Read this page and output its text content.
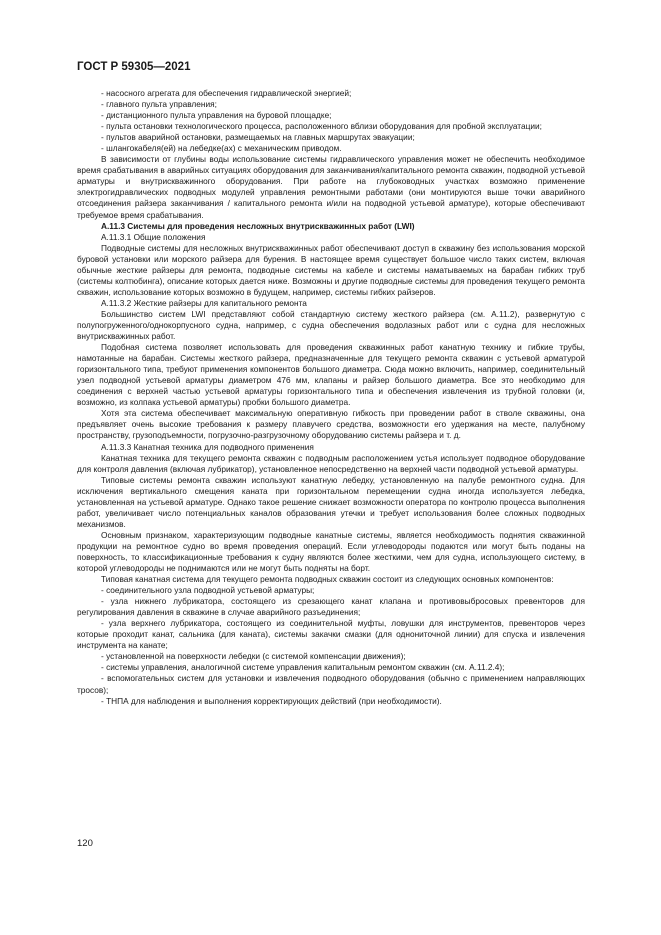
ГОСТ Р 59305—2021

- насосного агрегата для обеспечения гидравлической энергией;

- главного пульта управления;

- дистанционного пульта управления на буровой площадке;

- пульта остановки технологического процесса, расположенного вблизи оборудования для пробной эксплуатации;

- пультов аварийной остановки, размещаемых на главных маршрутах эвакуации;

- шлангокабеля(ей) на лебедке(ах) с механическим приводом.

В зависимости от глубины воды использование системы гидравлического управления может не обеспечить необходимое время срабатывания в аварийных ситуациях оборудования для заканчивания/капитального ремонта скважин, подводной устьевой арматуры и внутрискважинного оборудования. При работе на глубоководных участках возможно применение электрогидравлических подводных модулей управления ремонтными работами (они монтируются выше точки аварийного отсоединения райзера заканчивания / капитального ремонта и/или на подводной устьевой арматуре), которые обеспечивают требуемое время срабатывания.

А.11.3 Системы для проведения несложных внутрискважинных работ (LWI)

А.11.3.1 Общие положения

Подводные системы для несложных внутрискважинных работ обеспечивают доступ в скважину без использования морской буровой установки или морского райзера для бурения. В настоящее время существует большое число таких систем, включая обычные жесткие райзеры для ремонта, подводные системы на кабеле и системы наматываемых на барабан гибких труб (системы колтюбинга), описание которых дается ниже. Возможны и другие подводные системы для проведения текущего ремонта скважин, использование которых возможно в будущем, например, системы гибких райзеров.

А.11.3.2 Жесткие райзеры для капитального ремонта

Большинство систем LWI представляют собой стандартную систему жесткого райзера (см. А.11.2), развернутую с полупогруженного/однокорпусного судна, например, с судна обеспечения водолазных работ или с судна для несложных внутрискважинных работ.

Подобная система позволяет использовать для проведения скважинных работ канатную технику и гибкие трубы, намотанные на барабан. Системы жесткого райзера, предназначенные для текущего ремонта скважин с устьевой арматурой горизонтального типа, требуют применения компонентов большого диаметра. Сюда можно включить, например, соединительный узел подводной устьевой арматуры диаметром 476 мм, клапаны и райзер большого диаметра. Все это необходимо для соединения с верхней частью устьевой арматуры горизонтального типа и обеспечения извлечения из трубной головки (и, возможно, из колпака устьевой арматуры) пробки большого диаметра.

Хотя эта система обеспечивает максимальную оперативную гибкость при проведении работ в стволе скважины, она предъявляет очень высокие требования к размеру плавучего средства, возможности его удержания на месте, палубному пространству, грузоподъемности, погрузочно-разгрузочному оборудованию системы райзера и т. д.

А.11.3.3 Канатная техника для подводного применения

Канатная техника для текущего ремонта скважин с подводным расположением устья использует подводное оборудование для контроля давления (включая лубрикатор), установленное непосредственно на верхней части подводной устьевой арматуры.

Типовые системы ремонта скважин используют канатную лебедку, установленную на палубе ремонтного судна. Для исключения вертикального смещения каната при горизонтальном перемещении судна иногда используется лебедка, установленная на устьевой арматуре. Однако такое решение снижает возможности оператора по контролю процесса выполнения работ, увеличивает число потенциальных каналов образования утечки и требует использования более сложных подводных механизмов.

Основным признаком, характеризующим подводные канатные системы, является необходимость поднятия скважинной продукции на ремонтное судно во время проведения операций. Если углеводороды подаются или могут быть поданы на поверхность, то классификационные требования к судну являются более жесткими, чем для судна, использующего систему, в которой углеводороды не поднимаются или не могут быть подняты на борт.

Типовая канатная система для текущего ремонта подводных скважин состоит из следующих основных компонентов:

- соединительного узла подводной устьевой арматуры;

- узла нижнего лубрикатора, состоящего из срезающего канат клапана и противовыбросовых превенторов для регулирования давления в скважине в случае аварийного разъединения;

- узла верхнего лубрикатора, состоящего из соединительной муфты, ловушки для инструментов, превенторов через которые проходит канат, сальника (для каната), системы закачки смазки (для однониточной линии) для спуска и извлечения инструмента на канате;

- установленной на поверхности лебедки (с системой компенсации движения);

- системы управления, аналогичной системе управления капитальным ремонтом скважин (см. А.11.2.4);

- вспомогательных систем для установки и извлечения подводного оборудования (обычно с применением направляющих тросов);

- ТНПА для наблюдения и выполнения корректирующих действий (при необходимости).

120
